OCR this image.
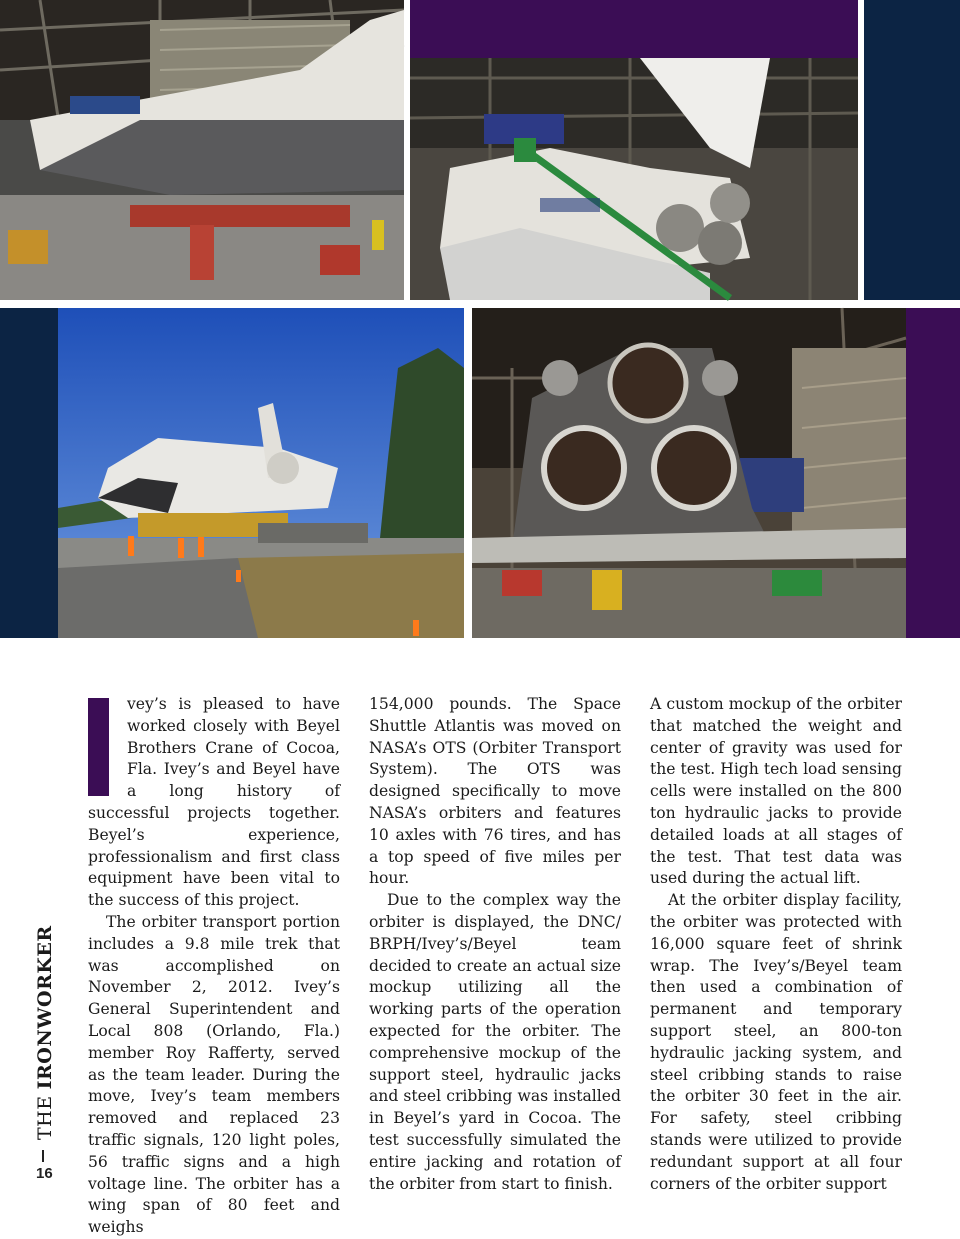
vey’s is pleased to have worked closely with Beyel Brothers Crane of Cocoa, Fla. Ivey’s and Beyel have a long history of successful projects together. Beyel’s experience, professionalism and first class equipment have been vital to the success of this project.

The orbiter transport portion includes a 9.8 mile trek that was accomplished on November 2, 2012. Ivey’s General Superintendent and Local 808 (Orlando, Fla.) member Roy Rafferty, served as the team leader. During the move, Ivey’s team members removed and replaced 23 traffic signals, 120 light poles, 56 traffic signs and a high voltage line. The orbiter has a wing span of 80 feet and weighs

154,000 pounds. The Space Shuttle Atlantis was moved on NASA’s OTS (Orbiter Transport System). The OTS was designed specifically to move NASA’s orbiters and features 10 axles with 76 tires, and has a top speed of five miles per hour.

Due to the complex way the orbiter is displayed, the DNC/ BRPH/Ivey’s/Beyel team decided to create an actual size mockup utilizing all the working parts of the operation expected for the orbiter. The comprehensive mockup of the support steel, hydraulic jacks and steel cribbing was installed in Beyel’s yard in Cocoa. The test successfully simulated the entire jacking and rotation of the orbiter from start to finish.

A custom mockup of the orbiter that matched the weight and center of gravity was used for the test. High tech load sensing cells were installed on the 800 ton hydraulic jacks to provide detailed loads at all stages of the test. That test data was used during the actual lift.

At the orbiter display facility, the orbiter was protected with 16,000 square feet of shrink wrap. The Ivey’s/Beyel team then used a combination of permanent and temporary support steel, an 800-ton hydraulic jacking system, and steel cribbing stands to raise the orbiter 30 feet in the air. For safety, steel cribbing stands were utilized to provide redundant support at all four corners of the orbiter support

THEIRONWORKER
16
